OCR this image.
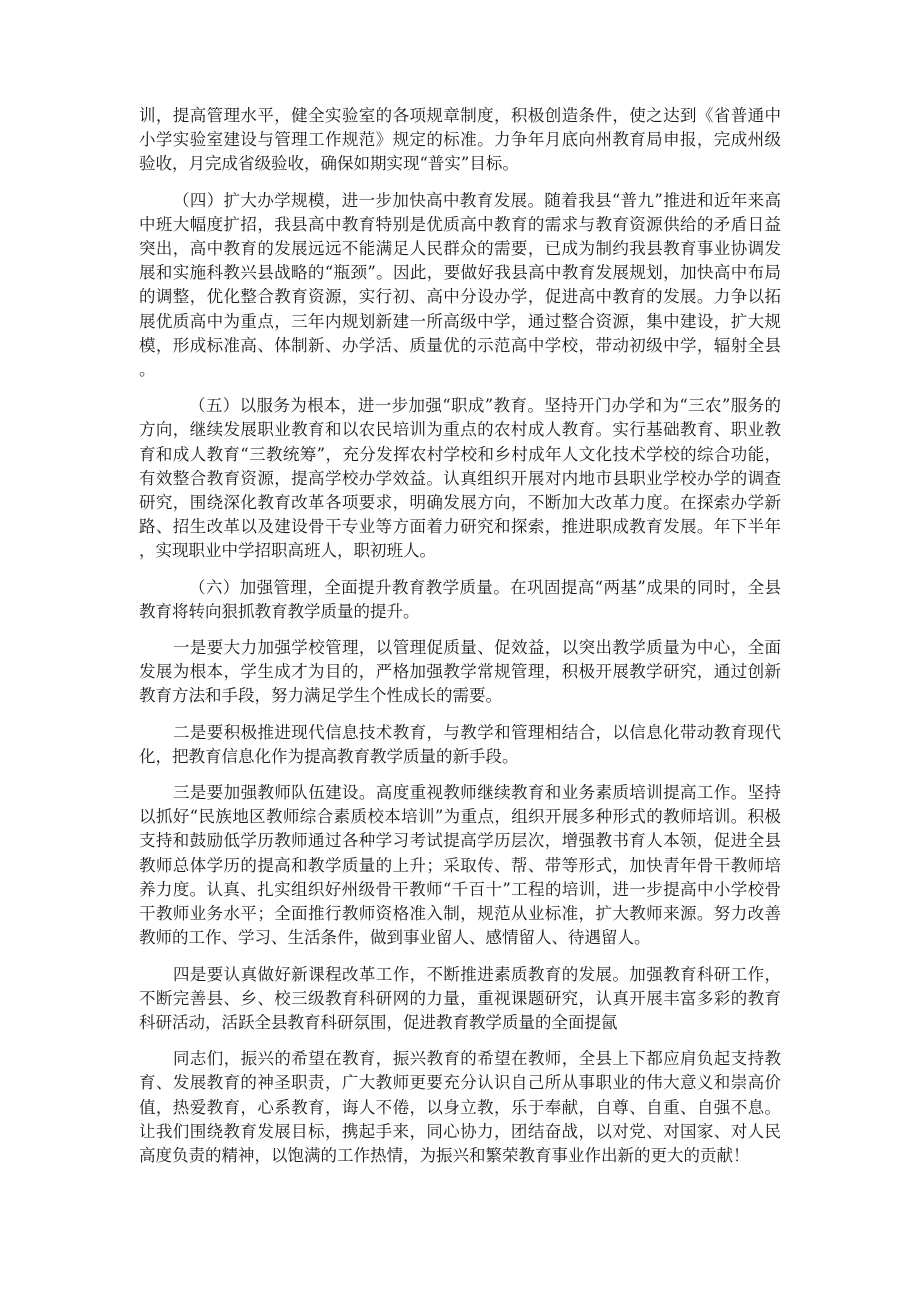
训，提高管理水平，健全实验室的各项规章制度，积极创造条件，使之达到《省普通中小学实验室建设与管理工作规范》规定的标准。力争年月底向州教育局申报，完成州级验收，月完成省级验收，确保如期实现“普实”目标。

（四）扩大办学规模，进一步加快高中教育发展。随着我县“普九”推进和近年来高中班大幅度扩招，我县高中教育特别是优质高中教育的需求与教育资源供给的矛盾日益突出，高中教育的发展远远不能满足人民群众的需要，已成为制约我县教育事业协调发展和实施科教兴县战略的“瓶颈”。因此，要做好我县高中教育发展规划，加快高中布局的调整，优化整合教育资源，实行初、高中分设办学，促进高中教育的发展。力争以拓展优质高中为重点，三年内规划新建一所高级中学，通过整合资源，集中建设，扩大规模，形成标准高、体制新、办学活、质量优的示范高中学校，带动初级中学，辐射全县。

（五）以服务为根本，进一步加强“职成”教育。坚持开门办学和为“三农”服务的方向，继续发展职业教育和以农民培训为重点的农村成人教育。实行基础教育、职业教育和成人教育“三教统筹”，充分发挥农村学校和乡村成年人文化技术学校的综合功能，有效整合教育资源，提高学校办学效益。认真组织开展对内地市县职业学校办学的调查研究，围绕深化教育改革各项要求，明确发展方向，不断加大改革力度。在探索办学新路、招生改革以及建设骨干专业等方面着力研究和探索，推进职成教育发展。年下半年，实现职业中学招职高班人，职初班人。

（六）加强管理，全面提升教育教学质量。在巩固提高“两基”成果的同时，全县教育将转向狠抓教育教学质量的提升。

一是要大力加强学校管理，以管理促质量、促效益，以突出教学质量为中心，全面发展为根本，学生成才为目的，严格加强教学常规管理，积极开展教学研究，通过创新教育方法和手段，努力满足学生个性成长的需要。

二是要积极推进现代信息技术教育，与教学和管理相结合，以信息化带动教育现代化，把教育信息化作为提高教育教学质量的新手段。

三是要加强教师队伍建设。高度重视教师继续教育和业务素质培训提高工作。坚持以抓好“民族地区教师综合素质校本培训”为重点，组织开展多种形式的教师培训。积极支持和鼓励低学历教师通过各种学习考试提高学历层次，增强教书育人本领，促进全县教师总体学历的提高和教学质量的上升；采取传、帮、带等形式，加快青年骨干教师培养力度。认真、扎实组织好州级骨干教师“千百十”工程的培训，进一步提高中小学校骨干教师业务水平；全面推行教师资格准入制，规范从业标准，扩大教师来源。努力改善教师的工作、学习、生活条件，做到事业留人、感情留人、待遇留人。

四是要认真做好新课程改革工作，不断推进素质教育的发展。加强教育科研工作，不断完善县、乡、校三级教育科研网的力量，重视课题研究，认真开展丰富多彩的教育科研活动，活跃全县教育科研氛围，促进教育教学质量的全面提氤

同志们，振兴的希望在教育，振兴教育的希望在教师，全县上下都应肩负起支持教育、发展教育的神圣职责，广大教师更要充分认识自己所从事职业的伟大意义和崇高价值，热爱教育，心系教育，诲人不倦，以身立教，乐于奉献，自尊、自重、自强不息。让我们围绕教育发展目标，携起手来，同心协力，团结奋战，以对党、对国家、对人民高度负责的精神，以饱满的工作热情，为振兴和繁荣教育事业作出新的更大的贡献！
